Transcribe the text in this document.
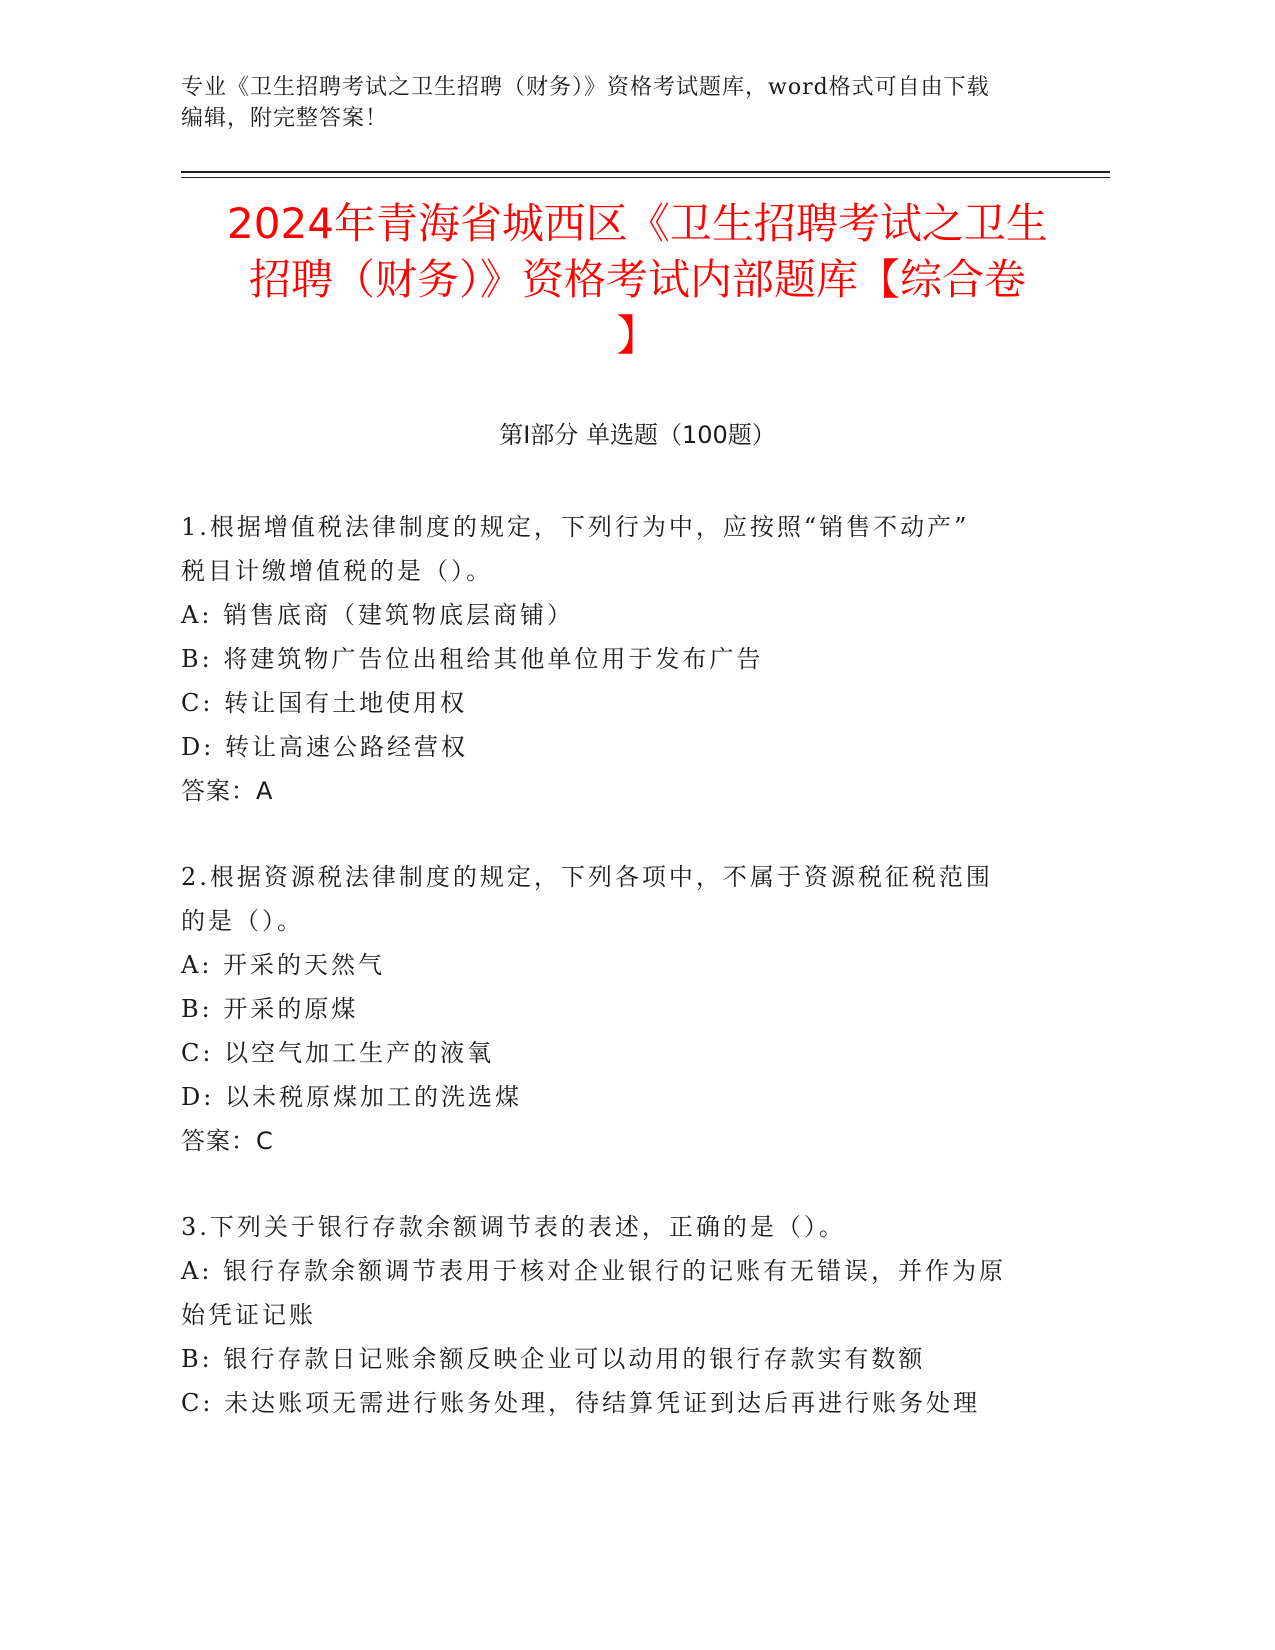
专业《卫生招聘考试之卫生招聘（财务）》资格考试题库，word格式可自由下载
编辑，附完整答案！
2024年青海省城西区《卫生招聘考试之卫生
招聘（财务）》资格考试内部题库【综合卷
】
第Ⅰ部分 单选题（100题）

1.根据增值税法律制度的规定，下列行为中，应按照“销售不动产”

税目计缴增值税的是（）。

A: 销售底商（建筑物底层商铺）

B: 将建筑物广告位出租给其他单位用于发布广告

C: 转让国有土地使用权

D: 转让高速公路经营权

答案：A

2.根据资源税法律制度的规定，下列各项中，不属于资源税征税范围

的是（）。

A: 开采的天然气

B: 开采的原煤

C: 以空气加工生产的液氧

D: 以未税原煤加工的洗选煤

答案：C

3.下列关于银行存款余额调节表的表述，正确的是（）。

A: 银行存款余额调节表用于核对企业银行的记账有无错误，并作为原

始凭证记账

B: 银行存款日记账余额反映企业可以动用的银行存款实有数额

C: 未达账项无需进行账务处理，待结算凭证到达后再进行账务处理
